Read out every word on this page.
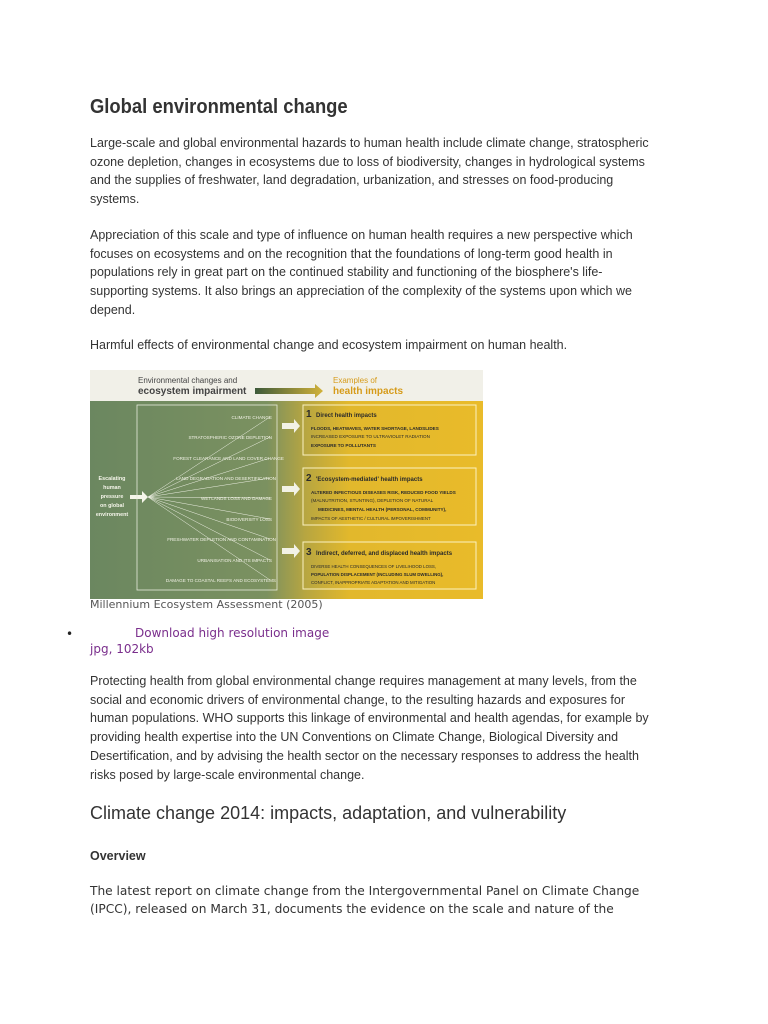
Global environmental change

Large-scale and global environmental hazards to human health include climate change, stratospheric ozone depletion, changes in ecosystems due to loss of biodiversity, changes in hydrological systems and the supplies of freshwater, land degradation, urbanization, and stresses on food-producing systems.

Appreciation of this scale and type of influence on human health requires a new perspective which focuses on ecosystems and on the recognition that the foundations of long-term good health in populations rely in great part on the continued stability and functioning of the biosphere's life-supporting systems. It also brings an appreciation of the complexity of the systems upon which we depend.

Harmful effects of environmental change and ecosystem impairment on human health.

Environmental changes and
ecosystem impairment
Examples of
health impacts
Escalating
human
pressure
on global
environment
CLIMATE CHANGE
STRATOSPHERIC OZONE DEPLETION
FOREST CLEARANCE AND LAND COVER CHANGE
LAND DEGRADATION AND DESERTIFICATION
WETLANDS LOSS AND DAMAGE
BIODIVERSITY LOSS
FRESHWATER DEPLETION AND CONTAMINATION
URBANISATION AND ITS IMPACTS
DAMAGE TO COASTAL REEFS AND ECOSYSTEMS
1 Direct health impacts
FLOODS, HEATWAVES, WATER SHORTAGE, LANDSLIDES
INCREASED EXPOSURE TO ULTRAVIOLET RADIATION
EXPOSURE TO POLLUTANTS
2 'Ecosystem-mediated' health impacts
ALTERED INFECTIOUS DISEASES RISK, REDUCED FOOD YIELDS
(MALNUTRITION, STUNTING), DEPLETION OF NATURAL
MEDICINES, MENTAL HEALTH (PERSONAL, COMMUNITY),
IMPACTS OF AESTHETIC / CULTURAL IMPOVERISHMENT
3 Indirect, deferred, and displaced health impacts
DIVERSE HEALTH CONSEQUENCES OF LIVELIHOOD LOSS,
POPULATION DISPLACEMENT (INCLUDING SLUM DWELLING),
CONFLICT, INAPPROPRIATE ADAPTATION AND MITIGATION

Millennium Ecosystem Assessment (2005)

•	Download high resolution image
jpg, 102kb

Protecting health from global environmental change requires management at many levels, from the social and economic drivers of environmental change, to the resulting hazards and exposures for human populations. WHO supports this linkage of environmental and health agendas, for example by providing health expertise into the UN Conventions on Climate Change, Biological Diversity and Desertification, and by advising the health sector on the necessary responses to address the health risks posed by large-scale environmental change.

Climate change 2014: impacts, adaptation, and vulnerability

Overview

The latest report on climate change from the Intergovernmental Panel on Climate Change (IPCC), released on March 31, documents the evidence on the scale and nature of the
